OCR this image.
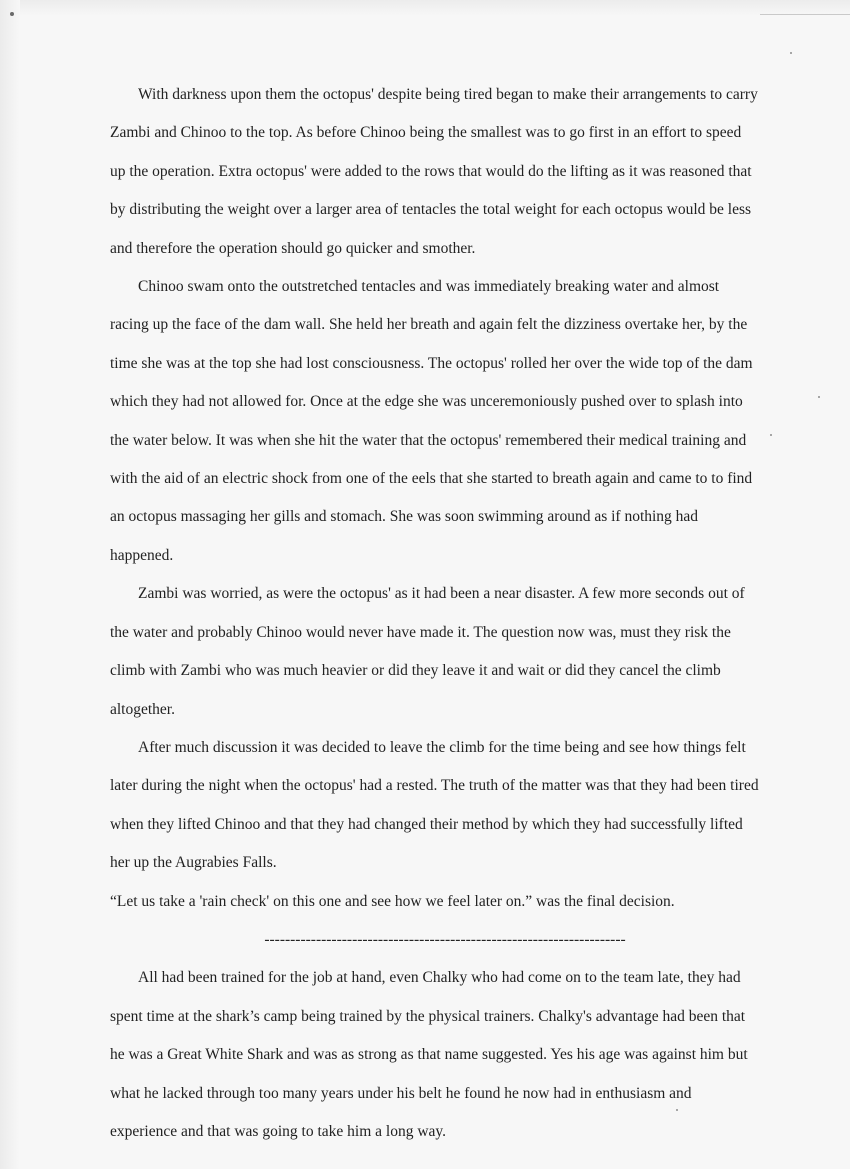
With darkness upon them the octopus' despite being tired began to make their arrangements to carry Zambi and Chinoo to the top. As before Chinoo being the smallest was to go first in an effort to speed up the operation. Extra octopus' were added to the rows that would do the lifting as it was reasoned that by distributing the weight over a larger area of tentacles the total weight for each octopus would be less and therefore the operation should go quicker and smother.

Chinoo swam onto the outstretched tentacles and was immediately breaking water and almost racing up the face of the dam wall. She held her breath and again felt the dizziness overtake her, by the time she was at the top she had lost consciousness. The octopus' rolled her over the wide top of the dam which they had not allowed for. Once at the edge she was unceremoniously pushed over to splash into the water below. It was when she hit the water that the octopus' remembered their medical training and with the aid of an electric shock from one of the eels that she started to breath again and came to to find an octopus massaging her gills and stomach. She was soon swimming around as if nothing had happened.

Zambi was worried, as were the octopus' as it had been a near disaster. A few more seconds out of the water and probably Chinoo would never have made it. The question now was, must they risk the climb with Zambi who was much heavier or did they leave it and wait or did they cancel the climb altogether.

After much discussion it was decided to leave the climb for the time being and see how things felt later during the night when the octopus' had a rested. The truth of the matter was that they had been tired when they lifted Chinoo and that they had changed their method by which they had successfully lifted her up the Augrabies Falls.

“Let us take a 'rain check' on this one and see how we feel later on.” was the final decision.

----------------------------------------------------------------------

All had been trained for the job at hand, even Chalky who had come on to the team late, they had spent time at the shark’s camp being trained by the physical trainers. Chalky's advantage had been that he was a Great White Shark and was as strong as that name suggested. Yes his age was against him but what he lacked through too many years under his belt he found he now had in enthusiasm and experience and that was going to take him a long way.
